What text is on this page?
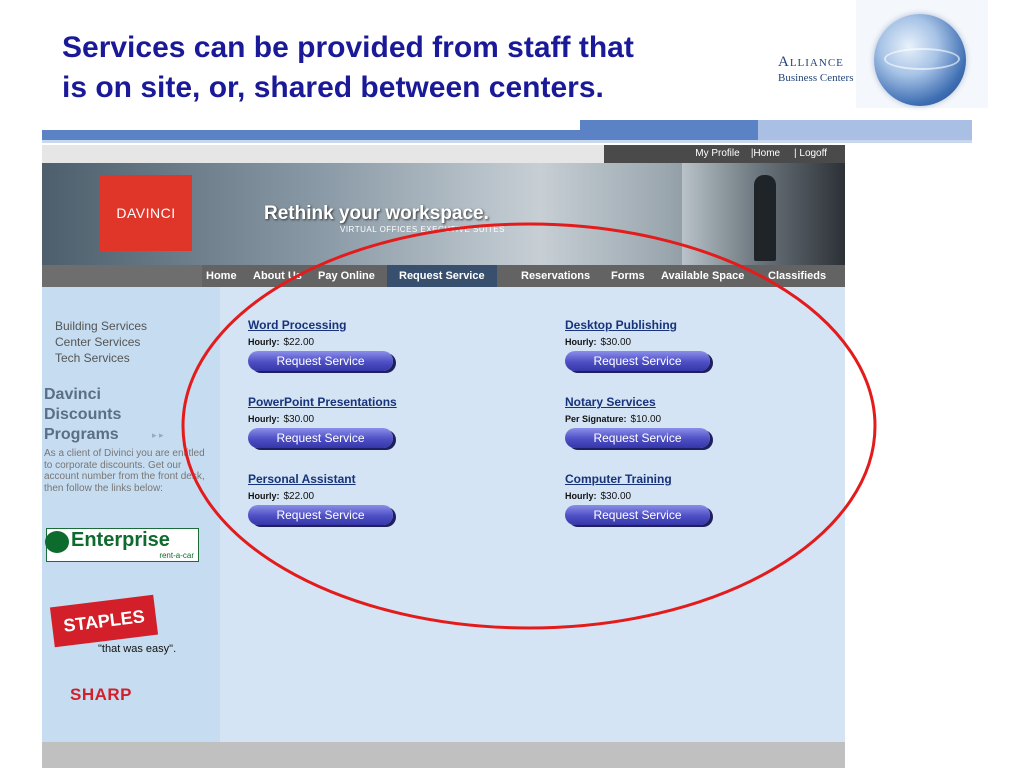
Services can be provided from staff that
is on site, or, shared between centers.
Alliance
Business Centers
My Profile |Home | Logoff
DAVINCI	Rethink your workspace.
VIRTUAL OFFICES EXECUTIVE SUITES
Home About Us Pay Online	Request Service	Reservations Forms Available Space Classifieds
Building Services
Center Services
Tech Services
Davinci
Discounts
Programs	▸ ▸
As a client of Divinci you are entitled to corporate discounts. Get our account number from the front desk, then follow the links below:
Enterprise
rent-a-car
STAPLES
"that was easy".
SHARP
Word Processing
Hourly: $22.00
Request Service
Desktop Publishing
Hourly: $30.00
Request Service
PowerPoint Presentations
Hourly: $30.00
Request Service
Notary Services
Per Signature: $10.00
Request Service
Personal Assistant
Hourly: $22.00
Request Service
Computer Training
Hourly: $30.00
Request Service
